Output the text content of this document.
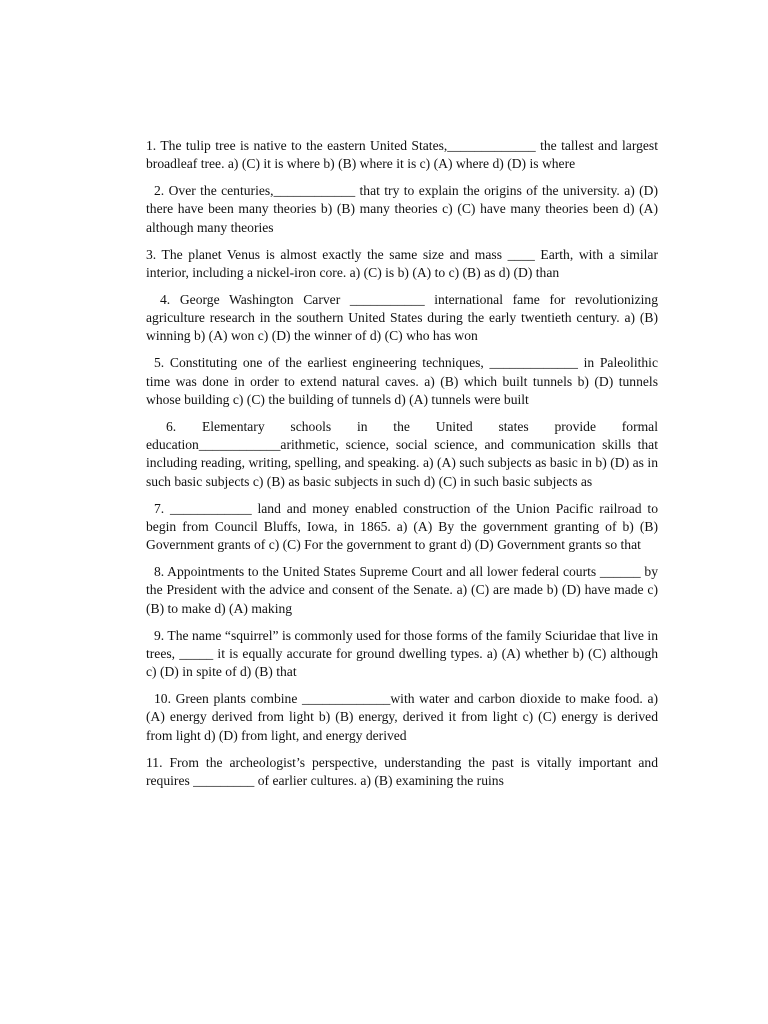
1. The tulip tree is native to the eastern United States,_____________ the tallest and largest broadleaf tree. a) (C) it is where b) (B) where it is c) (A) where d) (D) is where

2. Over the centuries,____________ that try to explain the origins of the university. a) (D) there have been many theories b) (B) many theories c) (C) have many theories been d) (A) although many theories

3. The planet Venus is almost exactly the same size and mass ____ Earth, with a similar interior, including a nickel-iron core. a) (C) is b) (A) to c) (B) as d) (D) than

4. George Washington Carver ___________ international fame for revolutionizing agriculture research in the southern United States during the early twentieth century. a) (B) winning b) (A) won c) (D) the winner of d) (C) who has won

5. Constituting one of the earliest engineering techniques, _____________ in Paleolithic time was done in order to extend natural caves. a) (B) which built tunnels b) (D) tunnels whose building c) (C) the building of tunnels d) (A) tunnels were built

6. Elementary schools in the United states provide formal education____________arithmetic, science, social science, and communication skills that including reading, writing, spelling, and speaking. a) (A) such subjects as basic in b) (D) as in such basic subjects c) (B) as basic subjects in such d) (C) in such basic subjects as

7. ____________ land and money enabled construction of the Union Pacific railroad to begin from Council Bluffs, Iowa, in 1865. a) (A) By the government granting of b) (B) Government grants of c) (C) For the government to grant d) (D) Government grants so that

8. Appointments to the United States Supreme Court and all lower federal courts ______ by the President with the advice and consent of the Senate. a) (C) are made b) (D) have made c) (B) to make d) (A) making

9. The name “squirrel” is commonly used for those forms of the family Sciuridae that live in trees, _____ it is equally accurate for ground dwelling types. a) (A) whether b) (C) although c) (D) in spite of d) (B) that

10. Green plants combine _____________with water and carbon dioxide to make food. a) (A) energy derived from light b) (B) energy, derived it from light c) (C) energy is derived from light d) (D) from light, and energy derived

11. From the archeologist’s perspective, understanding the past is vitally important and requires _________ of earlier cultures. a) (B) examining the ruins
